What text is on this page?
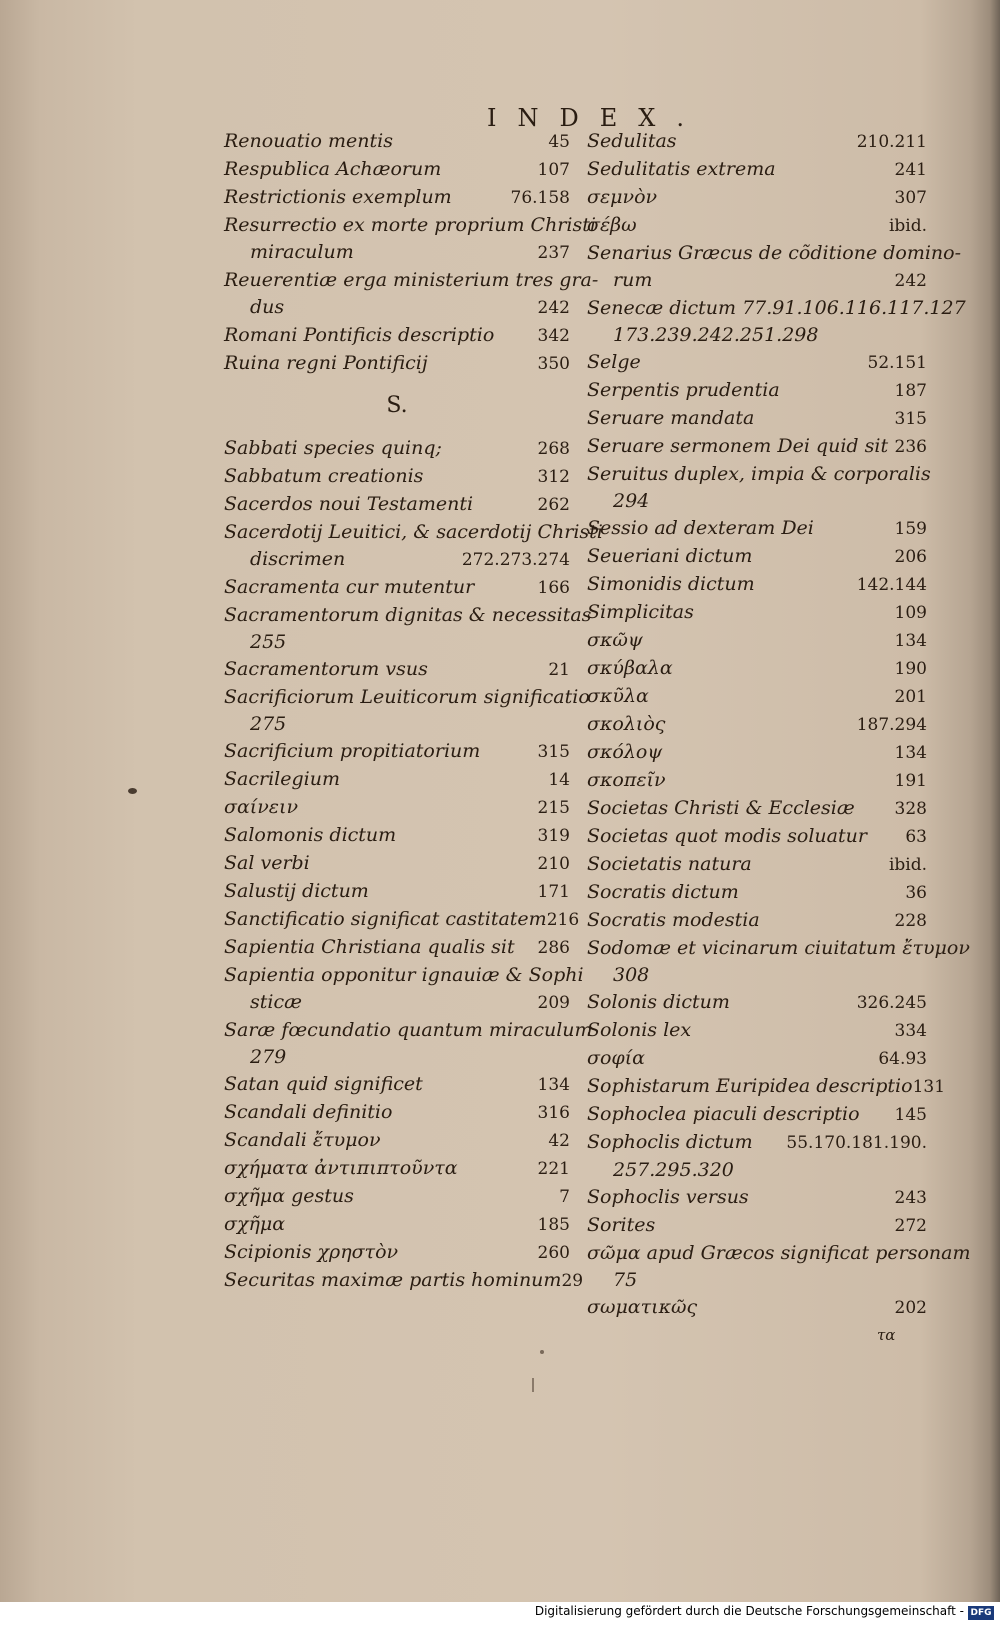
INDEX.
Renouatio mentis	45
Respublica Achæorum	107
Restrictionis exemplum	76.158
Resurrectio ex morte proprium Christi
miraculum	237
Reuerentiæ erga ministerium tres gra-
dus	242
Romani Pontificis descriptio	342
Ruina regni Pontificij	350
S.
Sabbati species quinq;	268
Sabbatum creationis	312
Sacerdos noui Testamenti	262
Sacerdotij Leuitici, & sacerdotij Christi
discrimen	272.273.274
Sacramenta cur mutentur	166
Sacramentorum dignitas & necessitas
255
Sacramentorum vsus	21
Sacrificiorum Leuiticorum significatio
275
Sacrificium propitiatorium	315
Sacrilegium	14
σαίνειν	215
Salomonis dictum	319
Sal verbi	210
Salustij dictum	171
Sanctificatio significat castitatem 216
Sapientia Christiana qualis sit 286
Sapientia opponitur ignauiæ & Sophi
sticæ	209
Saræ fœcundatio quantum miraculum
279
Satan quid significet	134
Scandali definitio	316
Scandali ἔτυμον	42
σχήματα ἀντιπιπτοῦντα	221
σχῆμα gestus	7
σχῆμα	185
Scipionis χρηστὸν	260
Securitas maximæ partis hominum 29
Sedulitas	210.211
Sedulitatis extrema	241
σεμνὸν	307
σέβω	ibid.
Senarius Græcus de cõditione domino-
rum	242
Senecæ dictum 77.91.106.116.117.127
173.239.242.251.298
Selge	52.151
Serpentis prudentia	187
Seruare mandata	315
Seruare sermonem Dei quid sit 236
Seruitus duplex, impia & corporalis
294
Sessio ad dexteram Dei	159
Seueriani dictum	206
Simonidis dictum	142.144
Simplicitas	109
σκῶψ	134
σκύβαλα	190
σκῦλα	201
σκολιὸς	187.294
σκόλοψ	134
σκοπεῖν	191
Societas Christi & Ecclesiæ 328
Societas quot modis soluatur 63
Societatis natura	ibid.
Socratis dictum	36
Socratis modestia	228
Sodomæ et vicinarum ciuitatum ἔτυμον
308
Solonis dictum	326.245
Solonis lex	334
σοφία	64.93
Sophistarum Euripidea descriptio 131
Sophoclea piaculi descriptio 145
Sophoclis dictum 55.170.181.190.
257.295.320
Sophoclis versus	243
Sorites	272
σῶμα apud Græcos significat personam
75
σωματικῶς	202
τα
Digitalisierung gefördert durch die Deutsche Forschungsgemeinschaft - DFG
